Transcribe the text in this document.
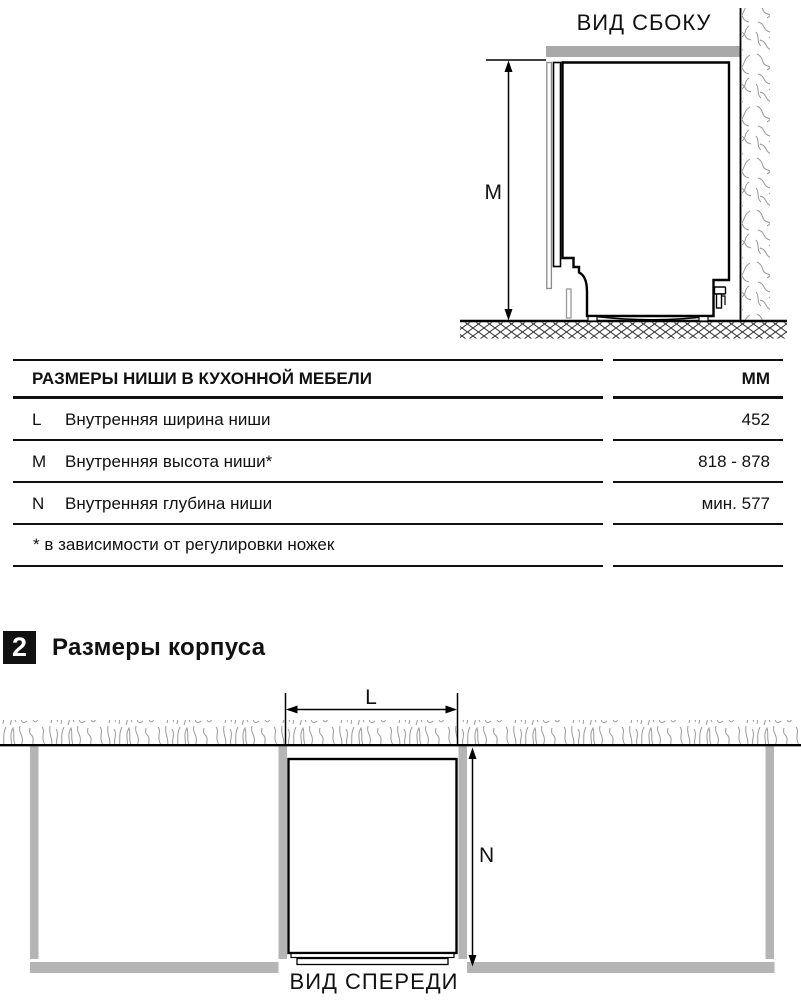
ВИД СБОКУ
M
РАЗМЕРЫ НИШИ В КУХОННОЙ МЕБЕЛИ	ММ
L Внутренняя ширина ниши	452
M Внутренняя высота ниши*	818 - 878
N Внутренняя глубина ниши	мин. 577
* в зависимости от регулировки ножек
2	Размеры корпуса
L
N
ВИД СПЕРЕДИ
